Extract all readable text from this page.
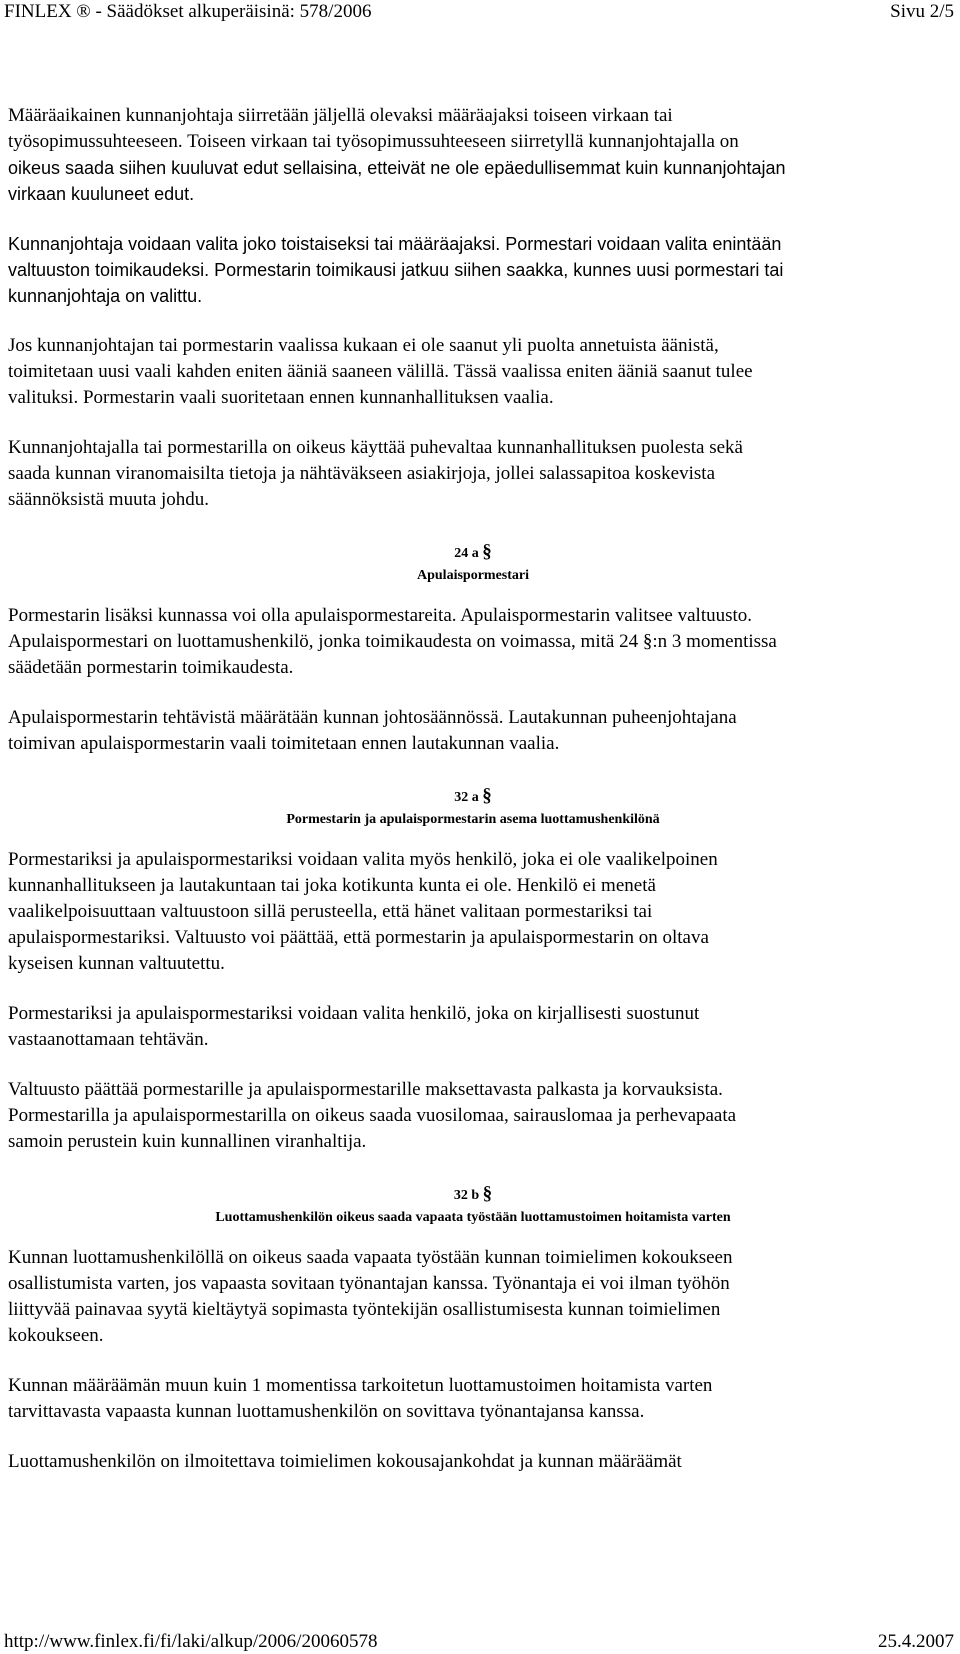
FINLEX ® - Säädökset alkuperäisinä: 578/2006	Sivu 2/5

Määräaikainen kunnanjohtaja siirretään jäljellä olevaksi määräajaksi toiseen virkaan tai

työsopimussuhteeseen. Toiseen virkaan tai työsopimussuhteeseen siirretyllä kunnanjohtajalla on

oikeus saada siihen kuuluvat edut sellaisina, etteivät ne ole epäedullisemmat kuin kunnanjohtajan

virkaan kuuluneet edut.

Kunnanjohtaja voidaan valita joko toistaiseksi tai määräajaksi. Pormestari voidaan valita enintään

valtuuston toimikaudeksi. Pormestarin toimikausi jatkuu siihen saakka, kunnes uusi pormestari tai

kunnanjohtaja on valittu.

Jos kunnanjohtajan tai pormestarin vaalissa kukaan ei ole saanut yli puolta annetuista äänistä,

toimitetaan uusi vaali kahden eniten ääniä saaneen välillä. Tässä vaalissa eniten ääniä saanut tulee

valituksi. Pormestarin vaali suoritetaan ennen kunnanhallituksen vaalia.

Kunnanjohtajalla tai pormestarilla on oikeus käyttää puhevaltaa kunnanhallituksen puolesta sekä

saada kunnan viranomaisilta tietoja ja nähtäväkseen asiakirjoja, jollei salassapitoa koskevista

säännöksistä muuta johdu.

24 a §

Apulaispormestari

Pormestarin lisäksi kunnassa voi olla apulaispormestareita. Apulaispormestarin valitsee valtuusto.

Apulaispormestari on luottamushenkilö, jonka toimikaudesta on voimassa, mitä 24 §:n 3 momentissa

säädetään pormestarin toimikaudesta.

Apulaispormestarin tehtävistä määrätään kunnan johtosäännössä. Lautakunnan puheenjohtajana

toimivan apulaispormestarin vaali toimitetaan ennen lautakunnan vaalia.

32 a §

Pormestarin ja apulaispormestarin asema luottamushenkilönä

Pormestariksi ja apulaispormestariksi voidaan valita myös henkilö, joka ei ole vaalikelpoinen

kunnanhallitukseen ja lautakuntaan tai joka kotikunta kunta ei ole. Henkilö ei menetä

vaalikelpoisuuttaan valtuustoon sillä perusteella, että hänet valitaan pormestariksi tai

apulaispormestariksi. Valtuusto voi päättää, että pormestarin ja apulaispormestarin on oltava

kyseisen kunnan valtuutettu.

Pormestariksi ja apulaispormestariksi voidaan valita henkilö, joka on kirjallisesti suostunut

vastaanottamaan tehtävän.

Valtuusto päättää pormestarille ja apulaispormestarille maksettavasta palkasta ja korvauksista.

Pormestarilla ja apulaispormestarilla on oikeus saada vuosilomaa, sairauslomaa ja perhevapaata

samoin perustein kuin kunnallinen viranhaltija.

32 b §

Luottamushenkilön oikeus saada vapaata työstään luottamustoimen hoitamista varten

Kunnan luottamushenkilöllä on oikeus saada vapaata työstään kunnan toimielimen kokoukseen

osallistumista varten, jos vapaasta sovitaan työnantajan kanssa. Työnantaja ei voi ilman työhön

liittyvää painavaa syytä kieltäytyä sopimasta työntekijän osallistumisesta kunnan toimielimen

kokoukseen.

Kunnan määräämän muun kuin 1 momentissa tarkoitetun luottamustoimen hoitamista varten

tarvittavasta vapaasta kunnan luottamushenkilön on sovittava työnantajansa kanssa.

Luottamushenkilön on ilmoitettava toimielimen kokousajankohdat ja kunnan määräämät

http://www.finlex.fi/fi/laki/alkup/2006/20060578	25.4.2007
